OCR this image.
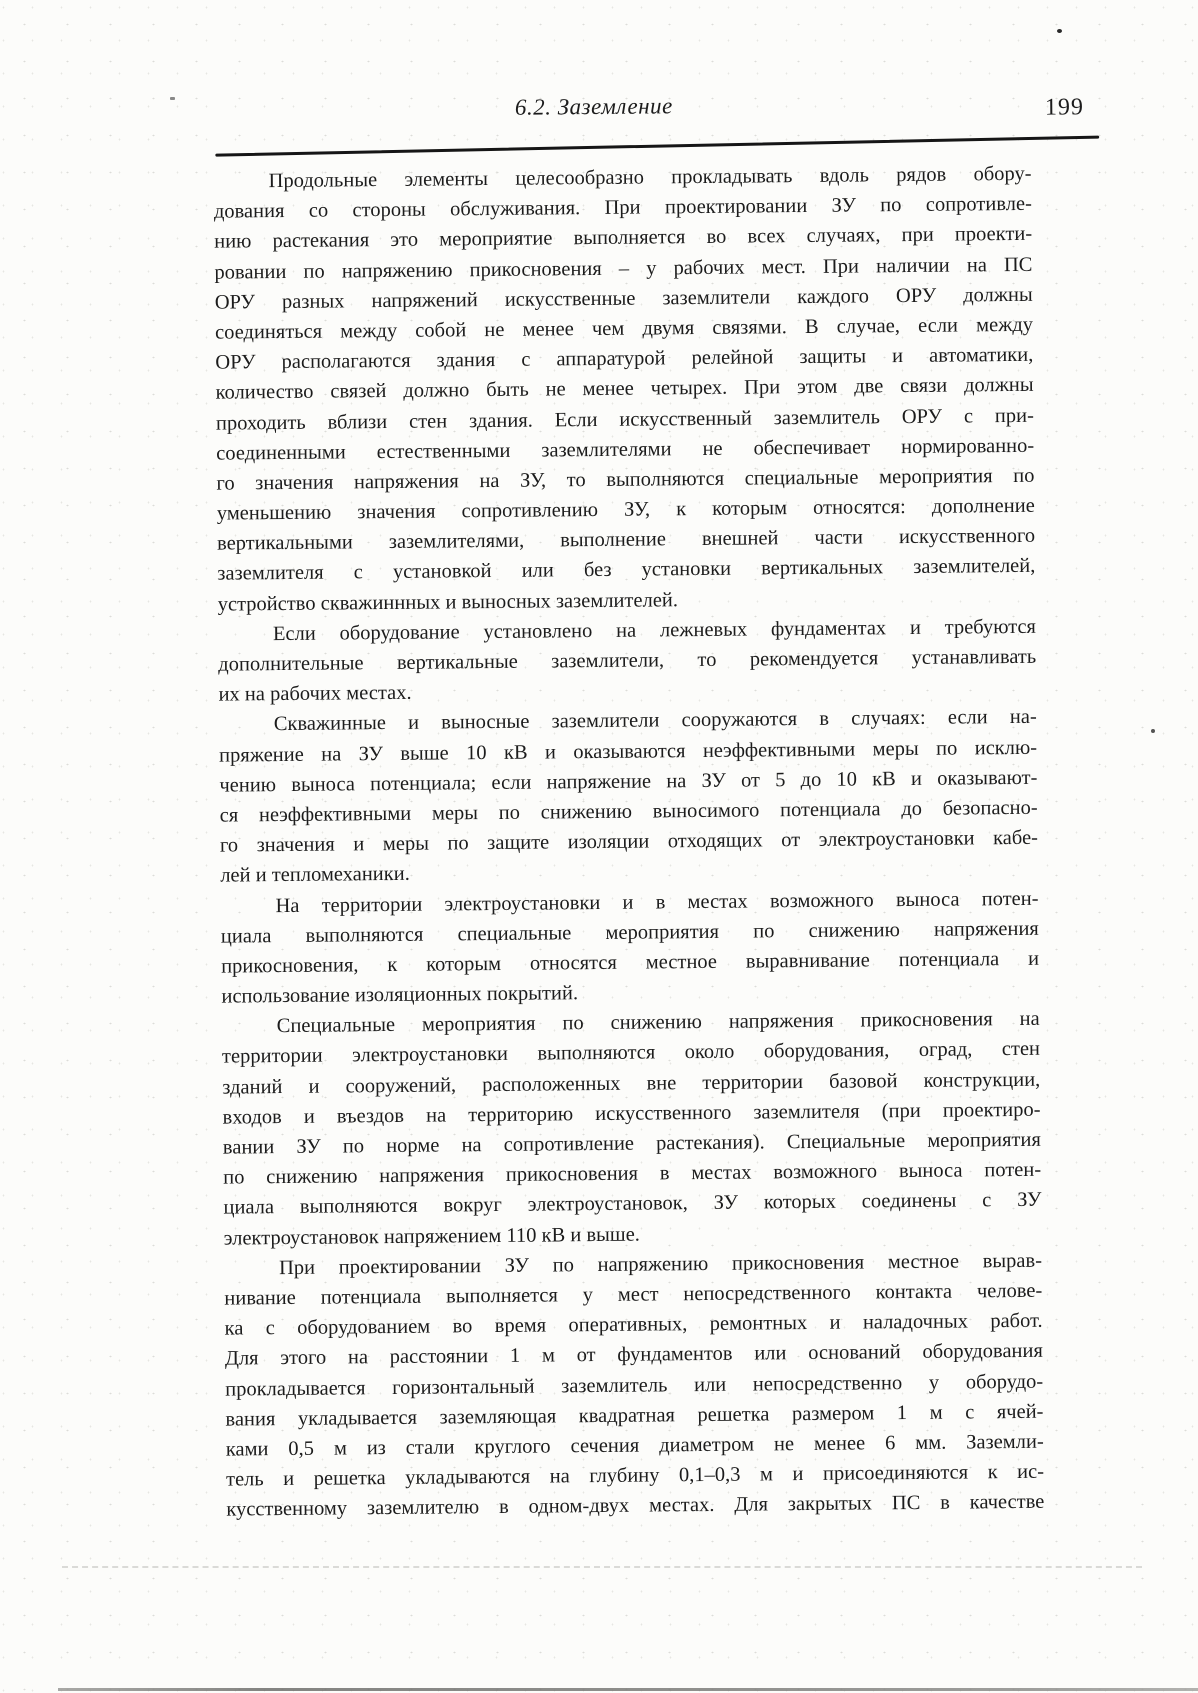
6.2. Заземление	199
Продольные элементы целесообразно прокладывать вдоль рядов обору-
дования со стороны обслуживания. При проектировании ЗУ по сопротивле-
нию растекания это мероприятие выполняется во всех случаях, при проекти-
ровании по напряжению прикосновения – у рабочих мест. При наличии на ПС
ОРУ разных напряжений искусственные заземлители каждого ОРУ должны
соединяться между собой не менее чем двумя связями. В случае, если между
ОРУ располагаются здания с аппаратурой релейной защиты и автоматики,
количество связей должно быть не менее четырех. При этом две связи должны
проходить вблизи стен здания. Если искусственный заземлитель ОРУ с при-
соединенными естественными заземлителями не обеспечивает нормированно-
го значения напряжения на ЗУ, то выполняются специальные мероприятия по
уменьшению значения сопротивлению ЗУ, к которым относятся: дополнение
вертикальными заземлителями, выполнение внешней части искусственного
заземлителя с установкой или без установки вертикальных заземлителей,
устройство скважиннных и выносных заземлителей.
Если оборудование установлено на лежневых фундаментах и требуются
дополнительные вертикальные заземлители, то рекомендуется устанавливать
их на рабочих местах.
Скважинные и выносные заземлители сооружаются в случаях: если на-
пряжение на ЗУ выше 10 кВ и оказываются неэффективными меры по исклю-
чению выноса потенциала; если напряжение на ЗУ от 5 до 10 кВ и оказывают-
ся неэффективными меры по снижению выносимого потенциала до безопасно-
го значения и меры по защите изоляции отходящих от электроустановки кабе-
лей и тепломеханики.
На территории электроустановки и в местах возможного выноса потен-
циала выполняются специальные мероприятия по снижению напряжения
прикосновения, к которым относятся местное выравнивание потенциала и
использование изоляционных покрытий.
Специальные мероприятия по снижению напряжения прикосновения на
территории электроустановки выполняются около оборудования, оград, стен
зданий и сооружений, расположенных вне территории базовой конструкции,
входов и въездов на территорию искусственного заземлителя (при проектиро-
вании ЗУ по норме на сопротивление растекания). Специальные мероприятия
по снижению напряжения прикосновения в местах возможного выноса потен-
циала выполняются вокруг электроустановок, ЗУ которых соединены с ЗУ
электроустановок напряжением 110 кВ и выше.
При проектировании ЗУ по напряжению прикосновения местное вырав-
нивание потенциала выполняется у мест непосредственного контакта челове-
ка с оборудованием во время оперативных, ремонтных и наладочных работ.
Для этого на расстоянии 1 м от фундаментов или оснований оборудования
прокладывается горизонтальный заземлитель или непосредственно у оборудо-
вания укладывается заземляющая квадратная решетка размером 1 м с ячей-
ками 0,5 м из стали круглого сечения диаметром не менее 6 мм. Заземли-
тель и решетка укладываются на глубину 0,1–0,3 м и присоединяются к ис-
кусственному заземлителю в одном-двух местах. Для закрытых ПС в качестве
